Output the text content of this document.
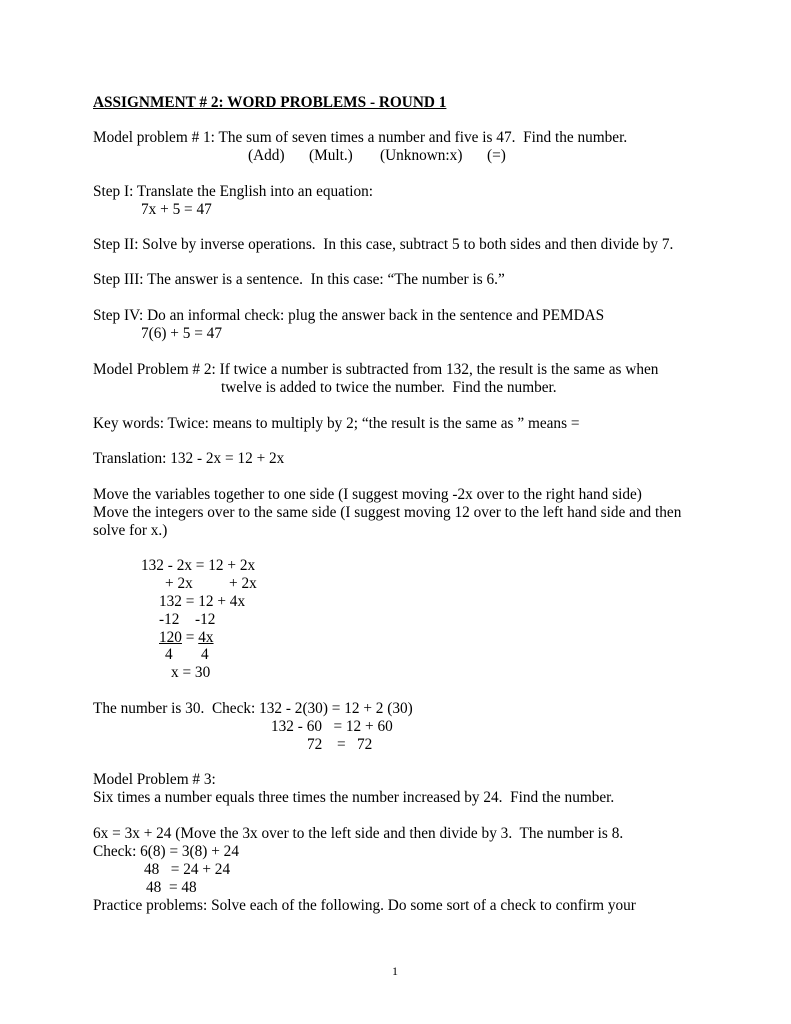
ASSIGNMENT # 2: WORD PROBLEMS - ROUND 1
Model problem # 1: The sum of seven times a number and five is 47.  Find the number.
(Add) (Mult.) (Unknown:x) (=)
Step I: Translate the English into an equation:
7x + 5 = 47
Step II: Solve by inverse operations.  In this case, subtract 5 to both sides and then divide by 7.
Step III: The answer is a sentence.  In this case: “The number is 6.”
Step IV: Do an informal check: plug the answer back in the sentence and PEMDAS
7(6) + 5 = 47
Model Problem # 2: If twice a number is subtracted from 132, the result is the same as when
twelve is added to twice the number.  Find the number.
Key words: Twice: means to multiply by 2; “the result is the same as ” means =
Translation: 132 - 2x = 12 + 2x
Move the variables together to one side (I suggest moving -2x over to the right hand side)
Move the integers over to the same side (I suggest moving 12 over to the left hand side and then
solve for x.)
132 - 2x = 12 + 2x
+ 2x + 2x
132 = 12 + 4x
-12 -12
120 = 4x
4 4
x = 30
The number is 30.  Check: 132 - 2(30) = 12 + 2 (30)
132 - 60   = 12 + 60
72 = 72
Model Problem # 3:
Six times a number equals three times the number increased by 24.  Find the number.
6x = 3x + 24 (Move the 3x over to the left side and then divide by 3.  The number is 8.
Check: 6(8) = 3(8) + 24
48   = 24 + 24
48  = 48
Practice problems: Solve each of the following. Do some sort of a check to confirm your
1
